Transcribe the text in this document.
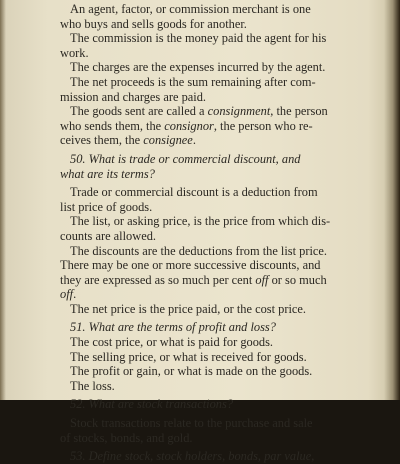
An agent, factor, or commission merchant is one
who buys and sells goods for another.
The commission is the money paid the agent for his
work.
The charges are the expenses incurred by the agent.
The net proceeds is the sum remaining after com-
mission and charges are paid.
The goods sent are called a consignment, the person
who sends them, the consignor, the person who re-
ceives them, the consignee.
50. What is trade or commercial discount, and
what are its terms?
Trade or commercial discount is a deduction from
list price of goods.
The list, or asking price, is the price from which dis-
counts are allowed.
The discounts are the deductions from the list price.
There may be one or more successive discounts, and
they are expressed as so much per cent off or so much
off.
The net price is the price paid, or the cost price.
51. What are the terms of profit and loss?
The cost price, or what is paid for goods.
The selling price, or what is received for goods.
The profit or gain, or what is made on the goods.
The loss.
52. What are stock transactions?
Stock transactions relate to the purchase and sale
of stocks, bonds, and gold.
53. Define stock, stock holders, bonds, par value,
